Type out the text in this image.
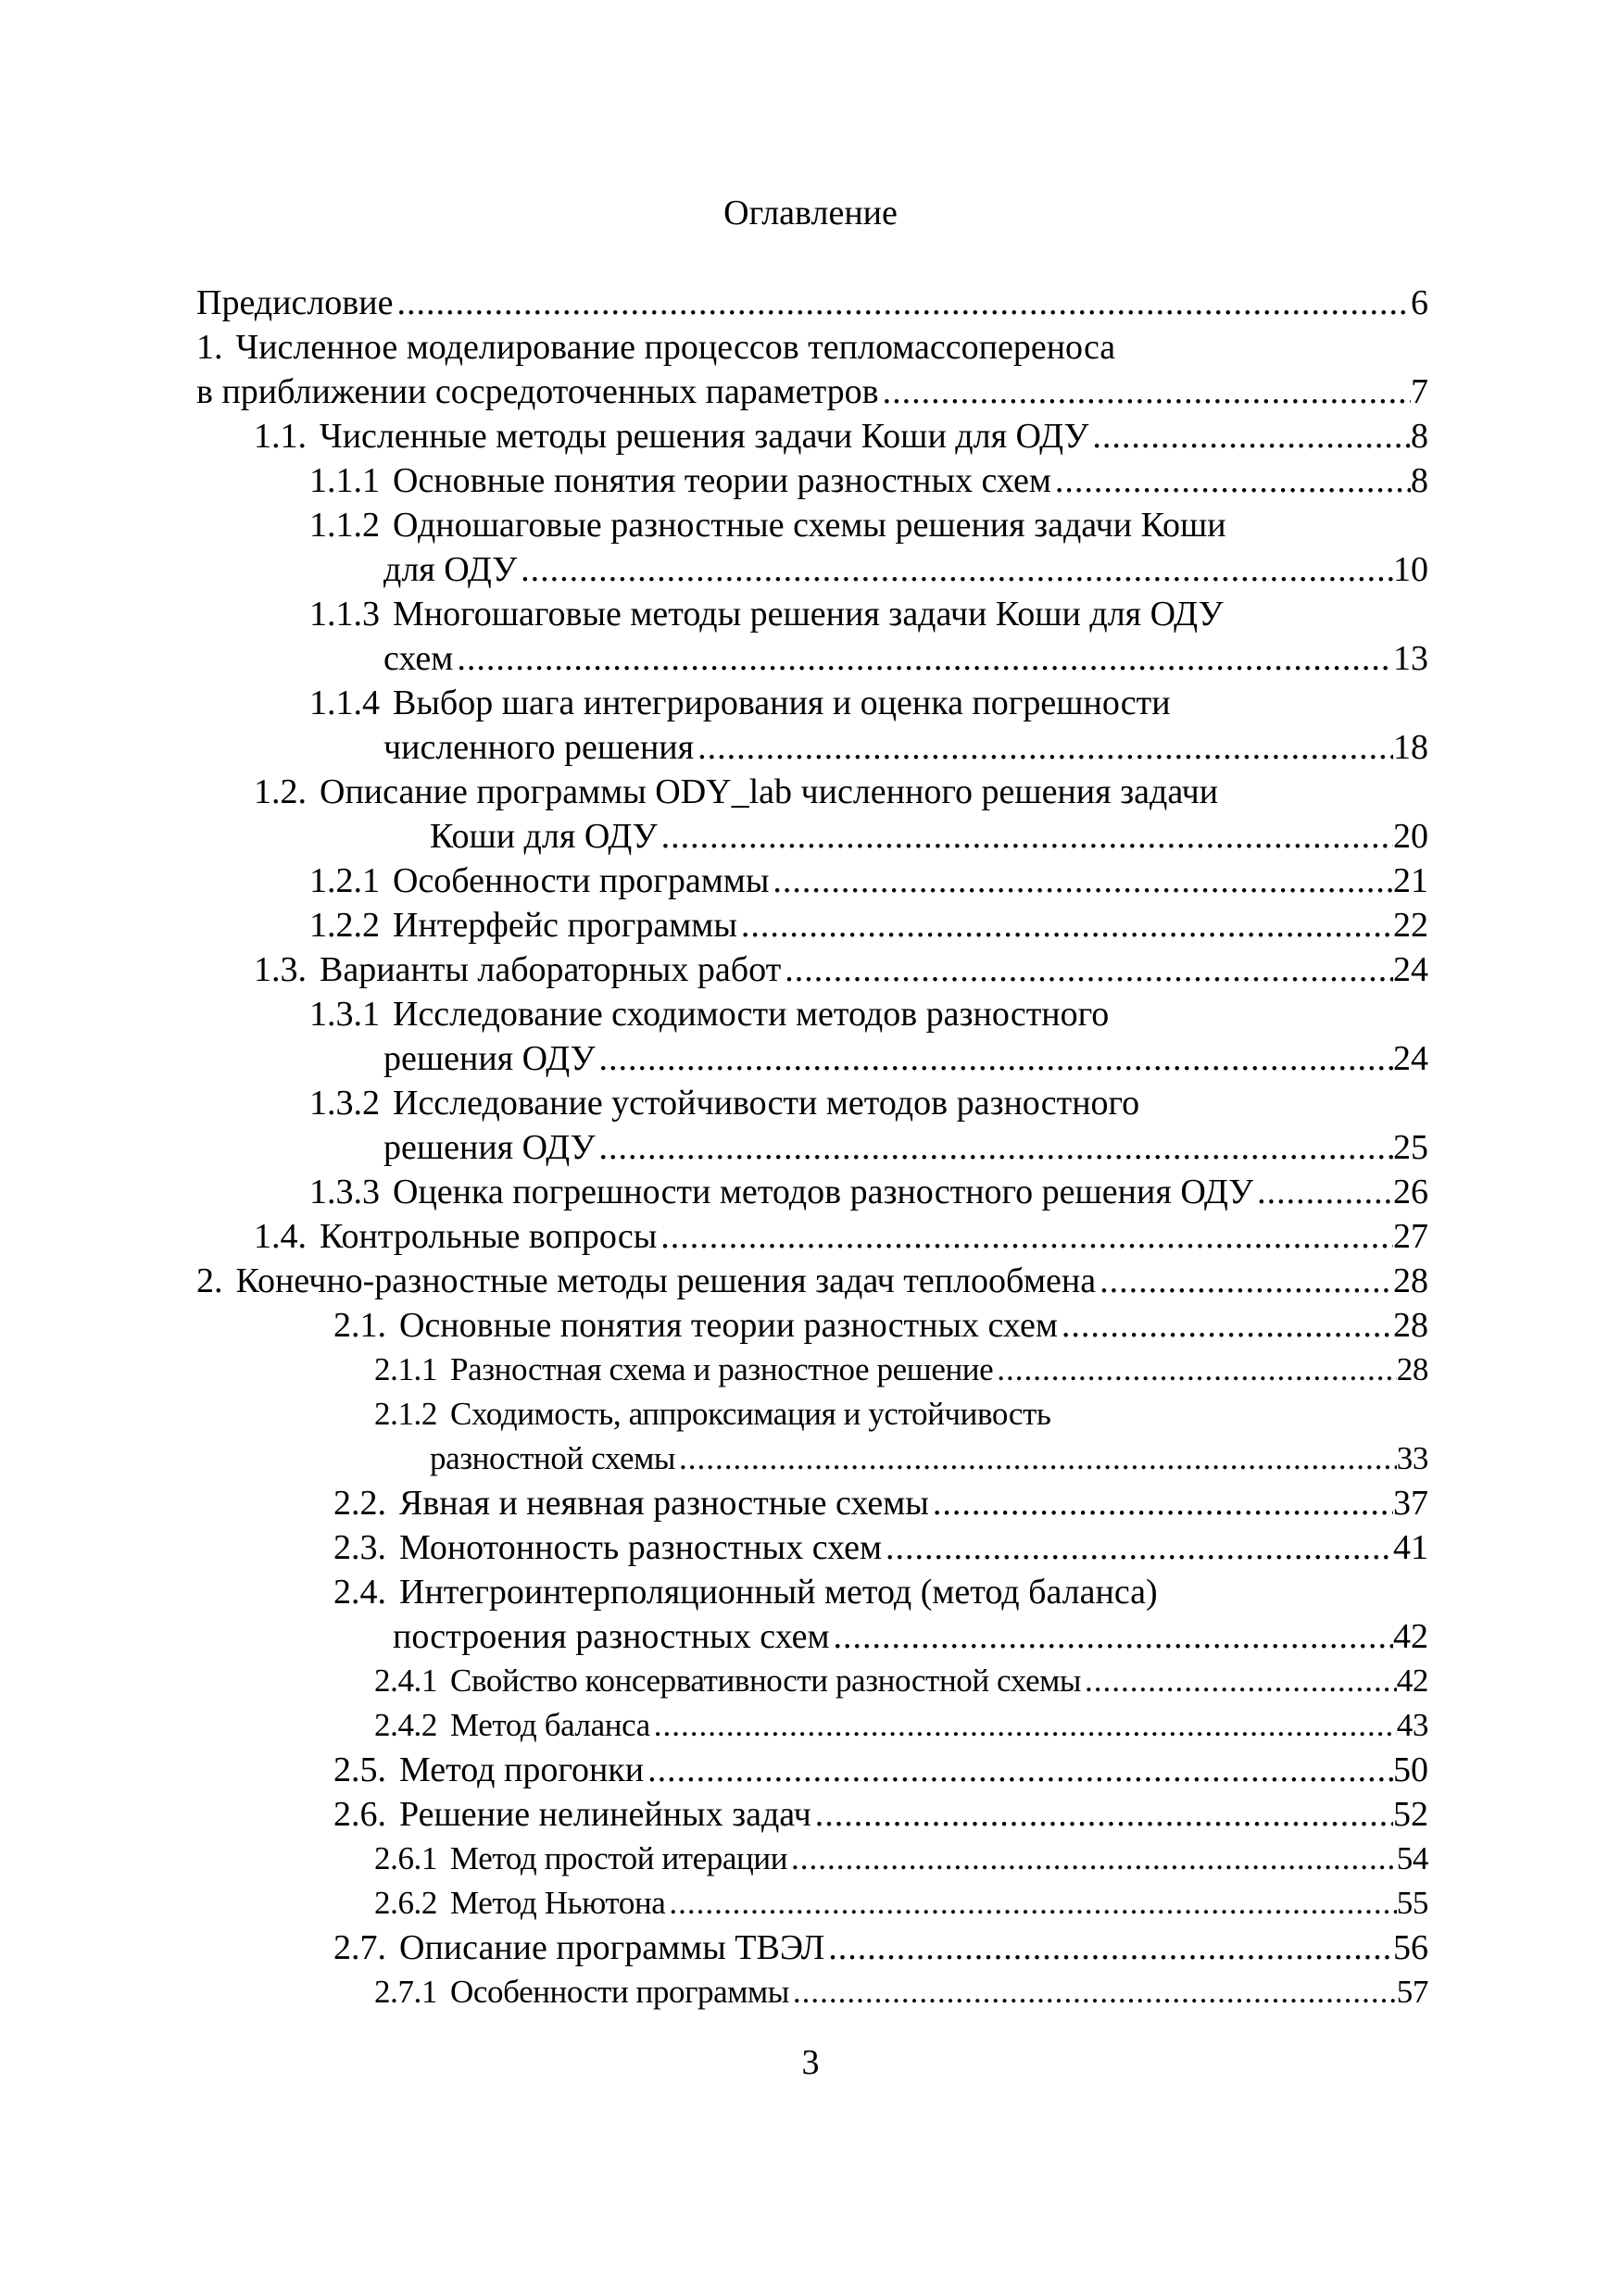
Оглавление
Предисловие .....	6
1. Численное моделирование процессов тепломассопереноса
в приближении сосредоточенных параметров .....	7
1.1. Численные методы решения задачи Коши для ОДУ .....	8
1.1.1 Основные понятия теории разностных схем .....	8
1.1.2 Одношаговые разностные схемы решения задачи Коши
для ОДУ .....	10
1.1.3 Многошаговые методы решения задачи Коши для ОДУ
схем .....	13
1.1.4 Выбор шага интегрирования и оценка погрешности
численного решения .....	18
1.2. Описание программы ODY_lab численного решения задачи
Коши для ОДУ .....	20
1.2.1 Особенности программы .....	21
1.2.2 Интерфейс программы .....	22
1.3. Варианты лабораторных работ .....	24
1.3.1 Исследование сходимости методов разностного
решения ОДУ .....	24
1.3.2 Исследование устойчивости методов разностного
решения ОДУ .....	25
1.3.3 Оценка погрешности методов разностного решения ОДУ .....	26
1.4. Контрольные вопросы .....	27
2. Конечно-разностные методы решения задач теплообмена .....	28
2.1. Основные понятия теории разностных схем .....	28
2.1.1 Разностная схема и разностное решение .....	28
2.1.2 Сходимость, аппроксимация и устойчивость
разностной схемы .....	33
2.2. Явная и неявная разностные схемы .....	37
2.3. Монотонность разностных схем .....	41
2.4. Интегроинтерполяционный метод (метод баланса)
построения разностных схем .....	42
2.4.1 Свойство консервативности разностной схемы .....	42
2.4.2 Метод баланса .....	43
2.5. Метод прогонки .....	50
2.6. Решение нелинейных задач .....	52
2.6.1 Метод простой итерации .....	54
2.6.2 Метод Ньютона .....	55
2.7. Описание программы ТВЭЛ .....	56
2.7.1 Особенности программы .....	57
3
